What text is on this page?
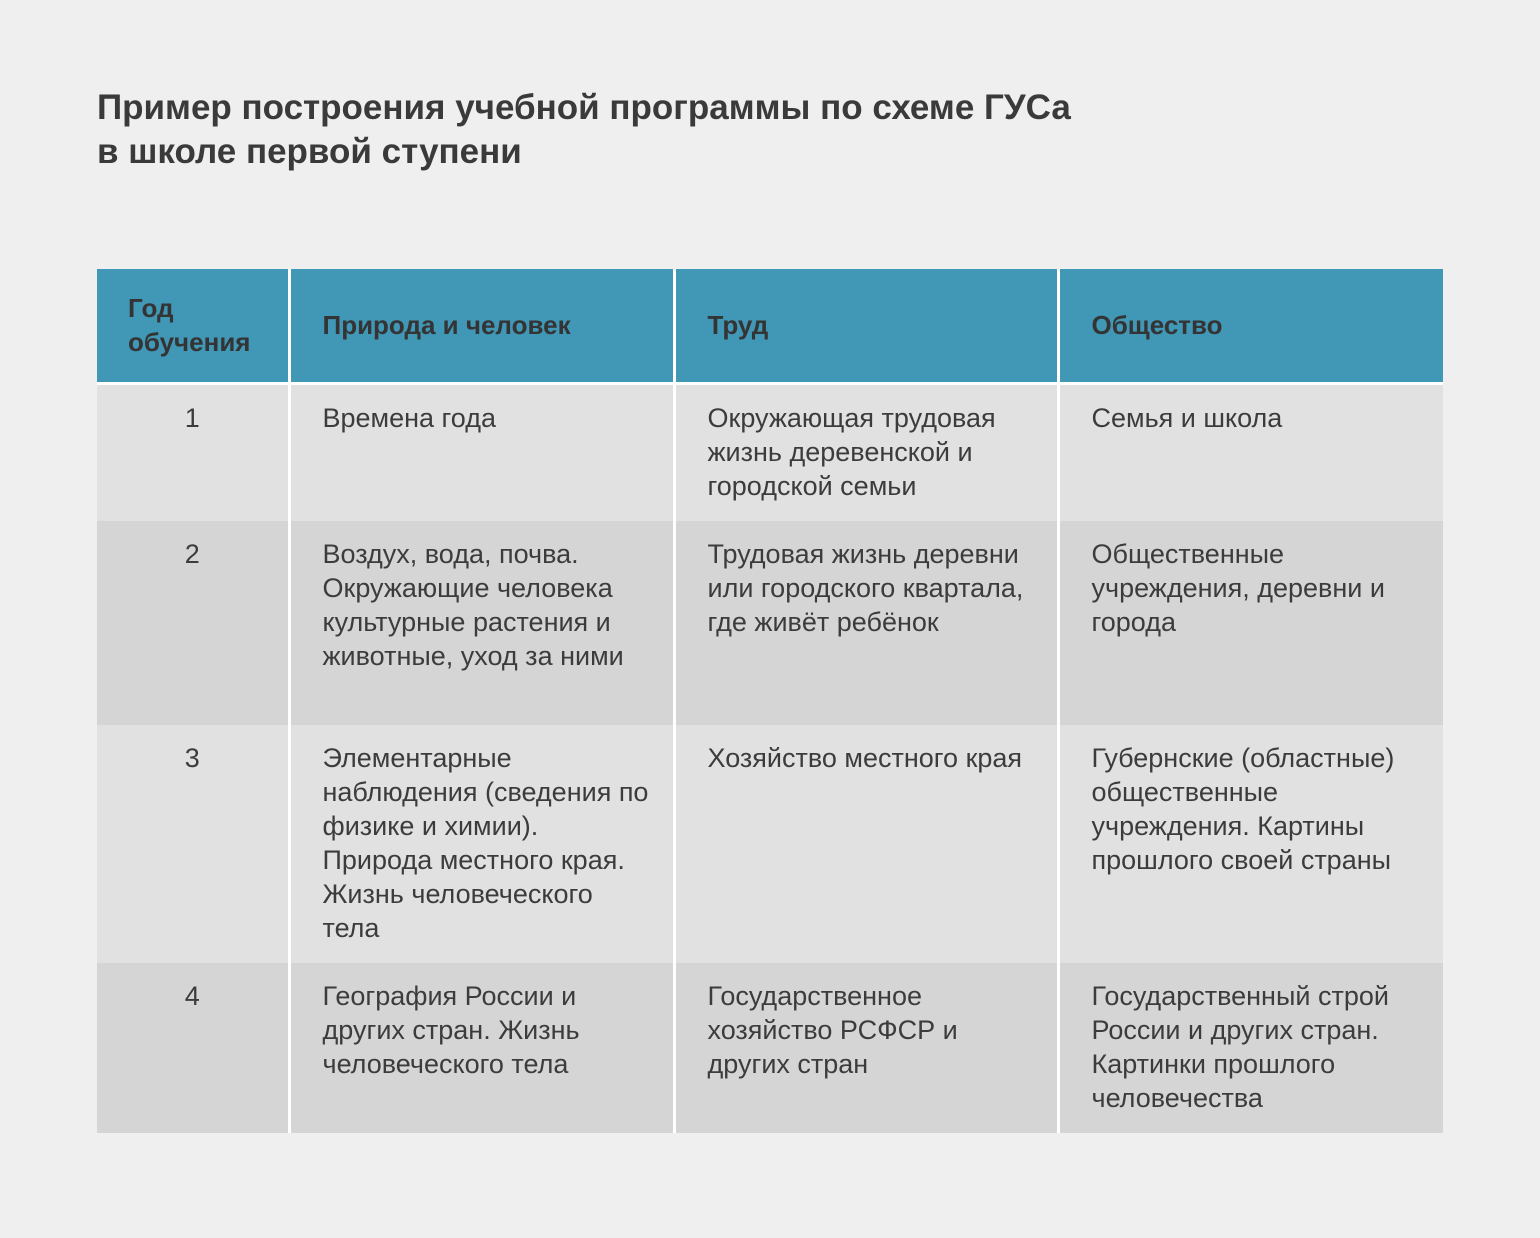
Пример построения учебной программы по схеме ГУСа
в школе первой ступени
Год обучения	Природа и человек	Труд	Общество
1	Времена года	Окружающая трудовая жизнь деревенской и городской семьи	Семья и школа
2	Воздух, вода, почва. Окружающие человека культурные растения и животные, уход за ними	Трудовая жизнь деревни или городского квартала, где живёт ребёнок	Общественные учреждения, деревни и города
3	Элементарные наблюдения (сведения по физике и химии). Природа местного края. Жизнь человеческого тела	Хозяйство местного края	Губернские (областные) общественные учреждения. Картины прошлого своей страны
4	География России и других стран. Жизнь человеческого тела	Государственное хозяйство РСФСР и других стран	Государственный строй России и других стран. Картинки прошлого человечества
